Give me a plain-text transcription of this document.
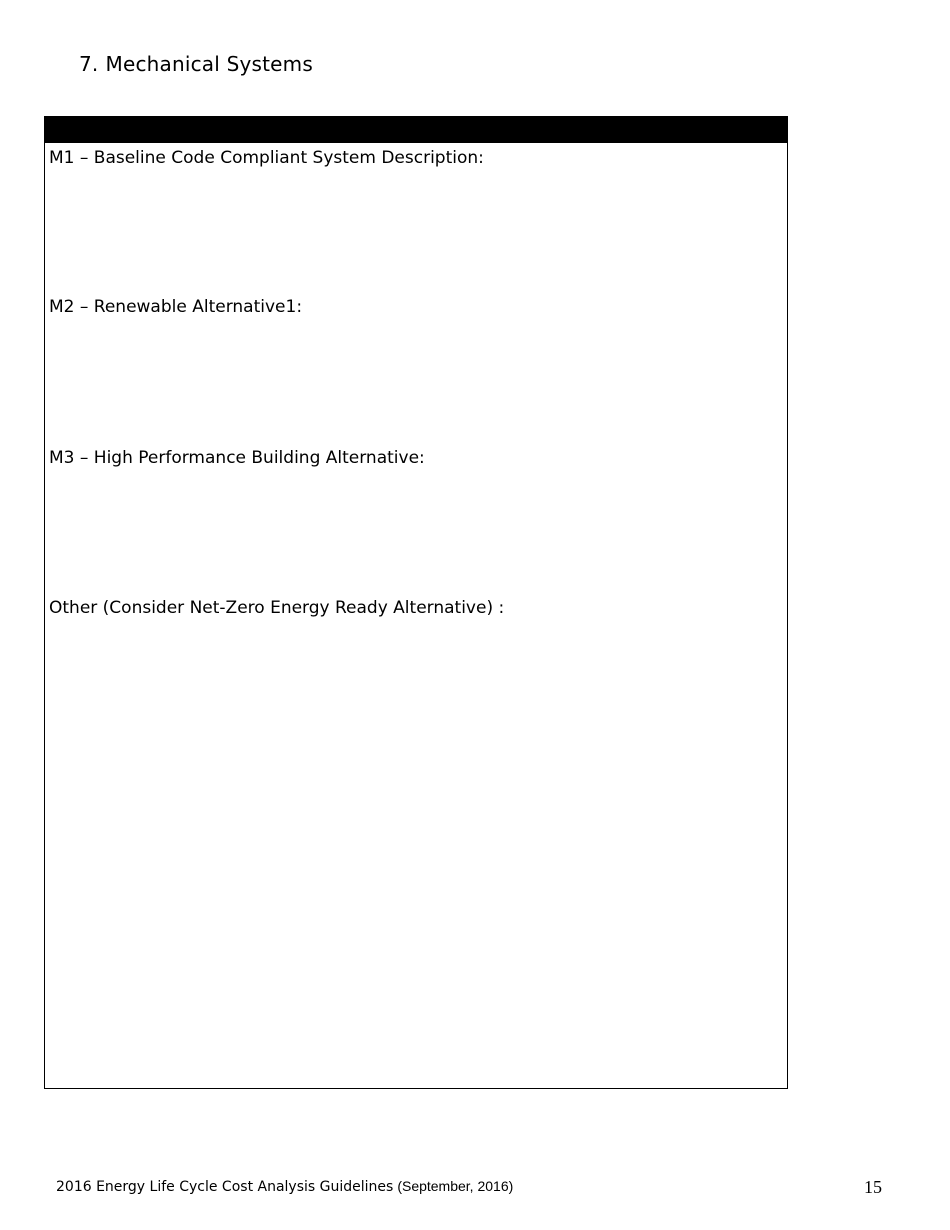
7. Mechanical Systems
M1 – Baseline Code Compliant System Description:
M2 – Renewable Alternative1:
M3 – High Performance Building Alternative:
Other (Consider Net-Zero Energy Ready Alternative) :
2016 Energy Life Cycle Cost Analysis Guidelines (September, 2016)	15
